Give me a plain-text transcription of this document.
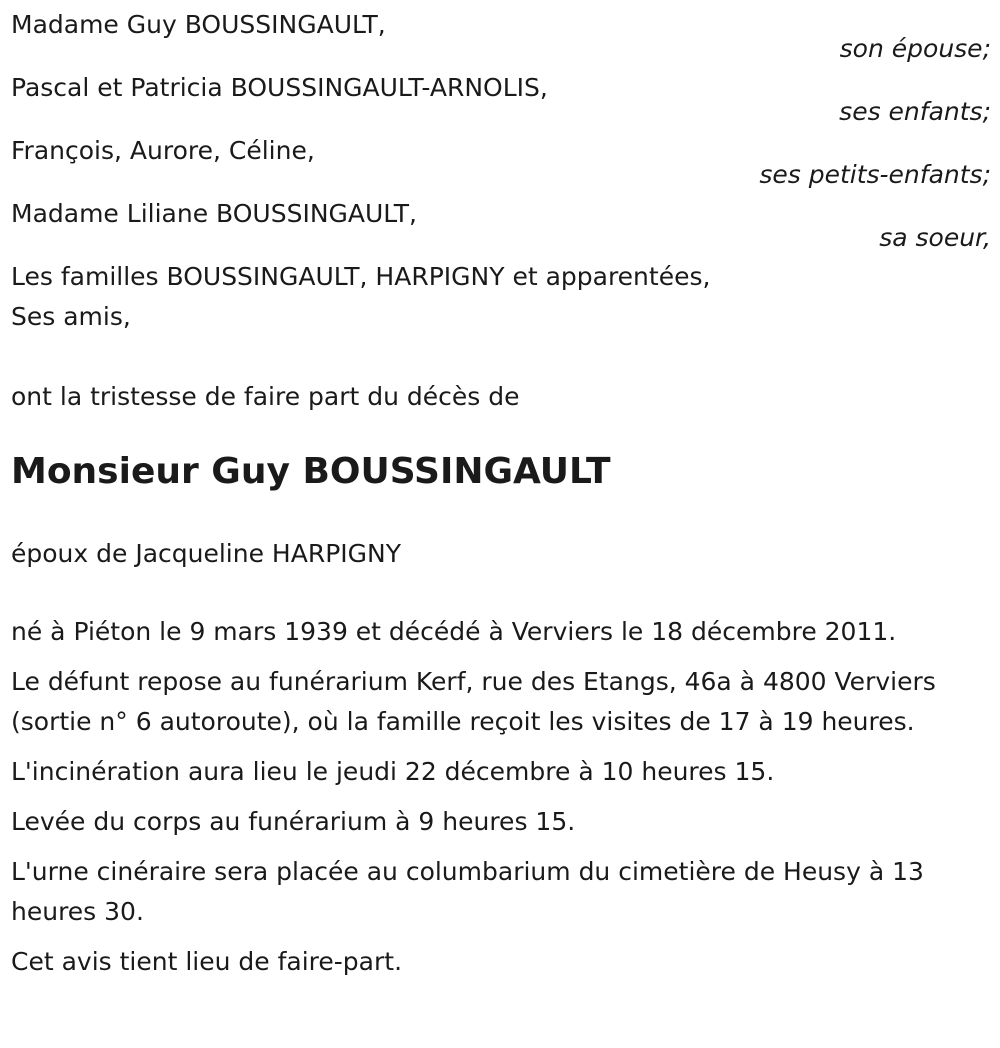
Madame Guy BOUSSINGAULT,
son épouse;
Pascal et Patricia BOUSSINGAULT-ARNOLIS,
ses enfants;
François, Aurore, Céline,
ses petits-enfants;
Madame Liliane BOUSSINGAULT,
sa soeur,
Les familles BOUSSINGAULT, HARPIGNY et apparentées,
Ses amis,
ont la tristesse de faire part du décès de
Monsieur Guy BOUSSINGAULT
époux de Jacqueline HARPIGNY

né à Piéton le 9 mars 1939 et décédé à Verviers le 18 décembre 2011.

Le défunt repose au funérarium Kerf, rue des Etangs, 46a à 4800 Verviers (sortie n° 6 autoroute), où la famille reçoit les visites de 17 à 19 heures.

L'incinération aura lieu le jeudi 22 décembre à 10 heures 15.

Levée du corps au funérarium à 9 heures 15.

L'urne cinéraire sera placée au columbarium du cimetière de Heusy à 13 heures 30.

Cet avis tient lieu de faire-part.
